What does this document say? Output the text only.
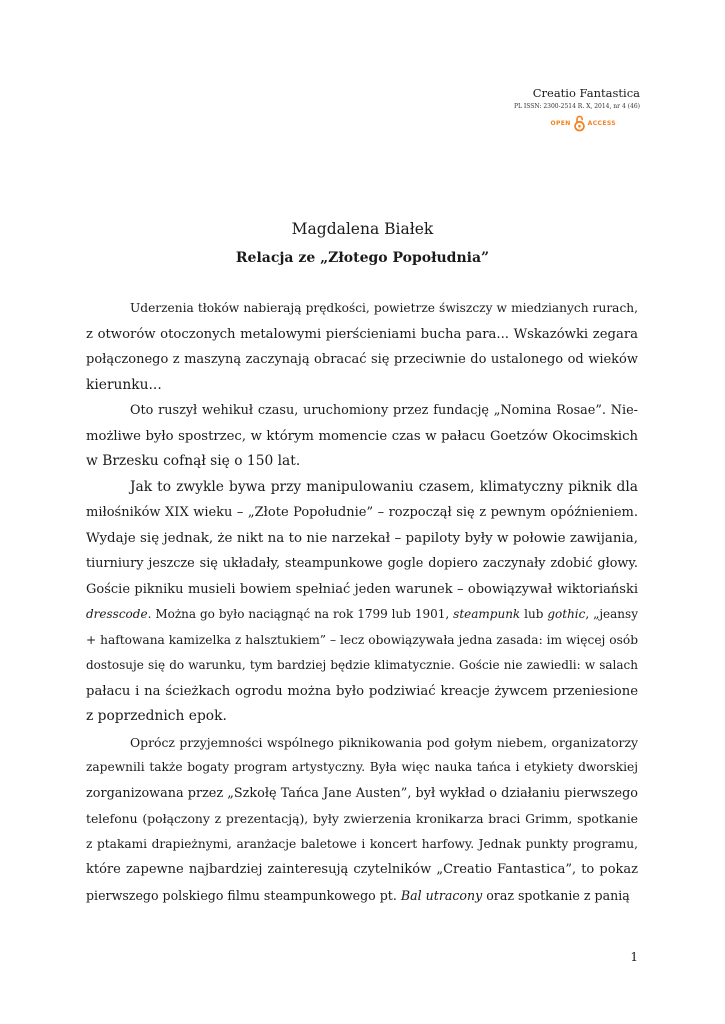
Creatio Fantastica
PL ISSN: 2300-2514 R. X, 2014, nr 4 (46)
OPEN	ACCESS
Magdalena Białek
Relacja ze „Złotego Popołudnia”

Uderzenia tłoków nabierają prędkości, powietrze świszczy w miedzianych rurach,
z otworów otoczonych metalowymi pierścieniami bucha para... Wskazówki zegara
połączonego z maszyną zaczynają obracać się przeciwnie do ustalonego od wieków
kierunku...

Oto ruszył wehikuł czasu, uruchomiony przez fundację „Nomina Rosae”. Nie-
możliwe było spostrzec, w którym momencie czas w pałacu Goetzów Okocimskich
w Brzesku cofnął się o 150 lat.

Jak to zwykle bywa przy manipulowaniu czasem, klimatyczny piknik dla
miłośników XIX wieku – „Złote Popołudnie” – rozpoczął się z pewnym opóźnieniem.
Wydaje się jednak, że nikt na to nie narzekał – papiloty były w połowie zawijania,
tiurniury jeszcze się układały, steampunkowe gogle dopiero zaczynały zdobić głowy.
Goście pikniku musieli bowiem spełniać jeden warunek – obowiązywał wiktoriański
dresscode. Można go było naciągnąć na rok 1799 lub 1901, steampunk lub gothic, „jeansy
+ haftowana kamizelka z halsztukiem” – lecz obowiązywała jedna zasada: im więcej osób
dostosuje się do warunku, tym bardziej będzie klimatycznie. Goście nie zawiedli: w salach
pałacu i na ścieżkach ogrodu można było podziwiać kreacje żywcem przeniesione
z poprzednich epok.

Oprócz przyjemności wspólnego piknikowania pod gołym niebem, organizatorzy
zapewnili także bogaty program artystyczny. Była więc nauka tańca i etykiety dworskiej
zorganizowana przez „Szkołę Tańca Jane Austen”, był wykład o działaniu pierwszego
telefonu (połączony z prezentacją), były zwierzenia kronikarza braci Grimm, spotkanie
z ptakami drapieżnymi, aranżacje baletowe i koncert harfowy. Jednak punkty programu,
które zapewne najbardziej zainteresują czytelników „Creatio Fantastica”, to pokaz
pierwszego polskiego filmu steampunkowego pt. Bal utracony oraz spotkanie z panią

1
